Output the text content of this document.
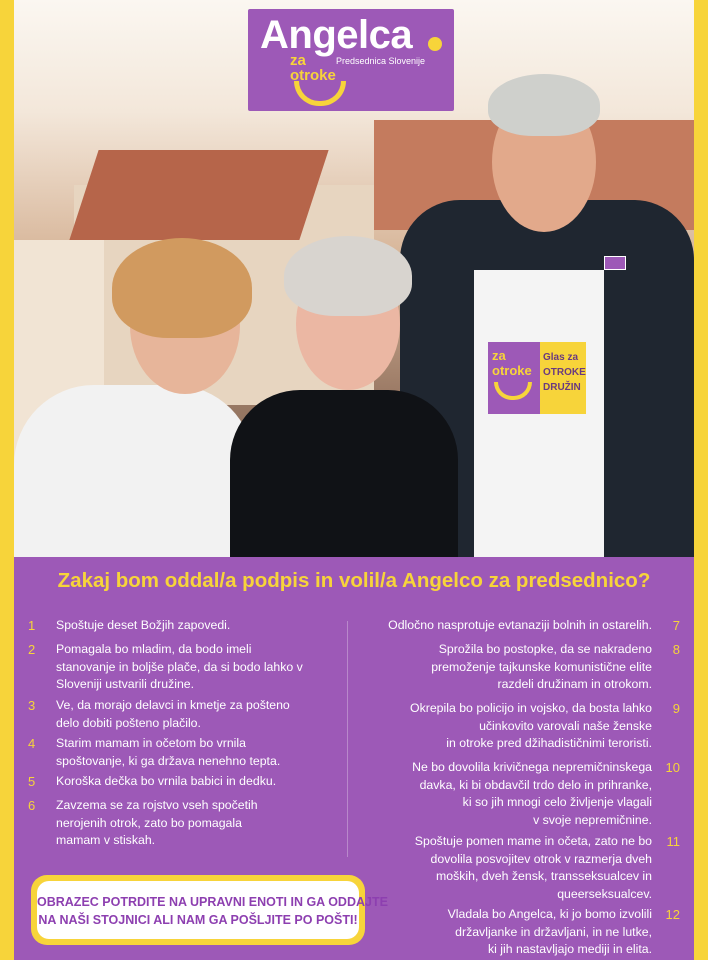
za
otroke
Glas za
OTROKE
DRUŽIN
Angelca
Predsednica Slovenije
za
otroke
Zakaj bom oddal/a podpis in volil/a Angelco za predsednico?
1 Spoštuje deset Božjih zapovedi.
2 Pomagala bo mladim, da bodo imeli
stanovanje in boljše plače, da si bodo lahko v
Sloveniji ustvarili družine.
3 Ve, da morajo delavci in kmetje za pošteno
delo dobiti pošteno plačilo.
4 Starim mamam in očetom bo vrnila
spoštovanje, ki ga država nenehno tepta.
5 Koroška dečka bo vrnila babici in dedku.
6 Zavzema se za rojstvo vseh spočetih
nerojenih otrok, zato bo pomagala
mamam v stiskah.
OBRAZEC POTRDITE NA UPRAVNI ENOTI IN GA ODDAJTE
NA NAŠI STOJNICI ALI NAM GA POŠLJITE PO POŠTI!
7
Odločno nasprotuje evtanaziji bolnih in ostarelih.
8
Sprožila bo postopke, da se nakradeno
premoženje tajkunske komunistične elite
razdeli družinam in otrokom.
9
Okrepila bo policijo in vojsko, da bosta lahko
učinkovito varovali naše ženske
in otroke pred džihadističnimi teroristi.
10
Ne bo dovolila krivičnega nepremičninskega
davka, ki bi obdavčil trdo delo in prihranke,
ki so jih mnogi celo življenje vlagali
v svoje nepremičnine.
11
Spoštuje pomen mame in očeta, zato ne bo
dovolila posvojitev otrok v razmerja dveh
moških, dveh žensk, transseksualcev in
queerseksualcev.
12
Vladala bo Angelca, ki jo bomo izvolili
državljanke in državljani, in ne lutke,
ki jih nastavljajo mediji in elita.
